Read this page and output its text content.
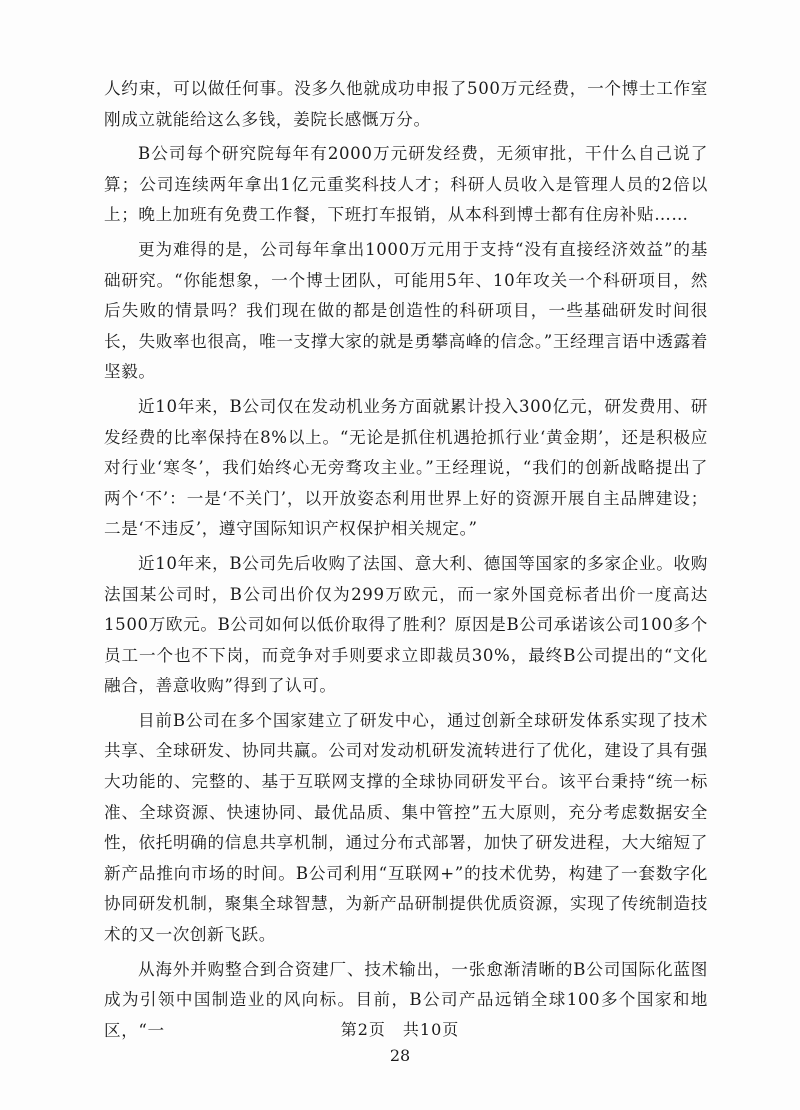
人约束，可以做任何事。没多久他就成功申报了500万元经费，一个博士工作室刚成立就能给这么多钱，姜院长感慨万分。

B公司每个研究院每年有2000万元研发经费，无须审批，干什么自己说了算；公司连续两年拿出1亿元重奖科技人才；科研人员收入是管理人员的2倍以上；晚上加班有免费工作餐，下班打车报销，从本科到博士都有住房补贴……

更为难得的是，公司每年拿出1000万元用于支持“没有直接经济效益”的基础研究。“你能想象，一个博士团队，可能用5年、10年攻关一个科研项目，然后失败的情景吗？我们现在做的都是创造性的科研项目，一些基础研发时间很长，失败率也很高，唯一支撑大家的就是勇攀高峰的信念。”王经理言语中透露着坚毅。

近10年来，B公司仅在发动机业务方面就累计投入300亿元，研发费用、研发经费的比率保持在8%以上。“无论是抓住机遇抢抓行业‘黄金期’，还是积极应对行业‘寒冬’，我们始终心无旁骛攻主业。”王经理说，“我们的创新战略提出了两个‘不’：一是‘不关门’，以开放姿态利用世界上好的资源开展自主品牌建设；二是‘不违反’，遵守国际知识产权保护相关规定。”

近10年来，B公司先后收购了法国、意大利、德国等国家的多家企业。收购法国某公司时，B公司出价仅为299万欧元，而一家外国竞标者出价一度高达1500万欧元。B公司如何以低价取得了胜利？原因是B公司承诺该公司100多个员工一个也不下岗，而竞争对手则要求立即裁员30%，最终B公司提出的“文化融合，善意收购”得到了认可。

目前B公司在多个国家建立了研发中心，通过创新全球研发体系实现了技术共享、全球研发、协同共赢。公司对发动机研发流转进行了优化，建设了具有强大功能的、完整的、基于互联网支撑的全球协同研发平台。该平台秉持“统一标准、全球资源、快速协同、最优品质、集中管控”五大原则，充分考虑数据安全性，依托明确的信息共享机制，通过分布式部署，加快了研发进程，大大缩短了新产品推向市场的时间。B公司利用“互联网+”的技术优势，构建了一套数字化协同研发机制，聚集全球智慧，为新产品研制提供优质资源，实现了传统制造技术的又一次创新飞跃。

从海外并购整合到合资建厂、技术输出，一张愈渐清晰的B公司国际化蓝图成为引领中国制造业的风向标。目前，B公司产品远销全球100多个国家和地区，“一	第2页　共10页
28
